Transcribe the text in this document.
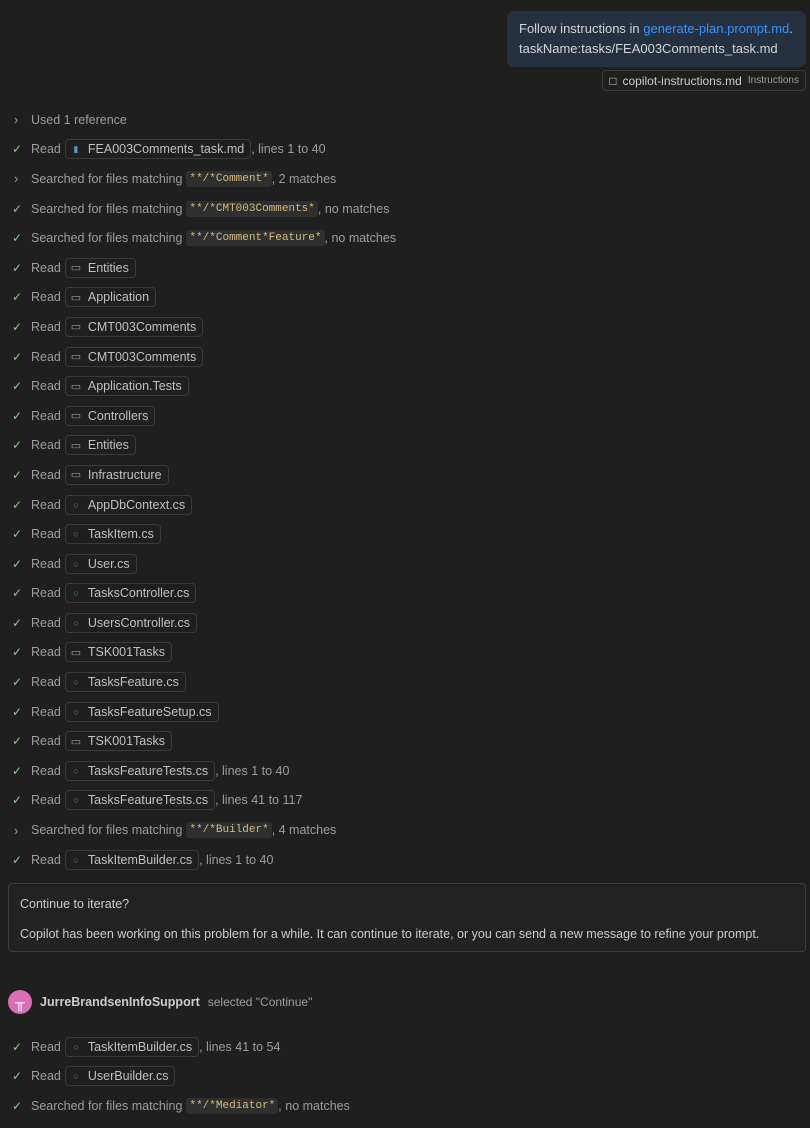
Follow instructions in generate-plan.prompt.md.
taskName:tasks/FEA003Comments_task.md
□ copilot-instructions.md Instructions
›	Used 1 reference
✓ Read	▮ FEA003Comments_task.md , lines 1 to 40
›	Searched for files matching **/*Comment* , 2 matches
✓ Searched for files matching **/*CMT003Comments* , no matches
✓ Searched for files matching **/*Comment*Feature* , no matches
✓ Read ▭ Entities
✓ Read ▭ Application
✓ Read ▭ CMT003Comments
✓ Read ▭ CMT003Comments
✓ Read ▭ Application.Tests
✓ Read ▭ Controllers
✓ Read ▭ Entities
✓ Read ▭ Infrastructure
✓ Read	○ AppDbContext.cs
✓ Read	○ TaskItem.cs
✓ Read	○ User.cs
✓ Read	○ TasksController.cs
✓ Read	○ UsersController.cs
✓ Read ▭ TSK001Tasks
✓ Read	○ TasksFeature.cs
✓ Read	○ TasksFeatureSetup.cs
✓ Read ▭ TSK001Tasks
✓ Read	○ TasksFeatureTests.cs , lines 1 to 40
✓ Read	○ TasksFeatureTests.cs , lines 41 to 117
›	Searched for files matching **/*Builder* , 4 matches
✓ Read	○ TaskItemBuilder.cs , lines 1 to 40

Continue to iterate?

Copilot has been working on this problem for a while. It can continue to iterate, or you can send a new message to refine your prompt.

╥	JurreBrandsenInfoSupport selected "Continue"
✓ Read	○ TaskItemBuilder.cs , lines 41 to 54
✓ Read	○ UserBuilder.cs
✓ Searched for files matching **/*Mediator* , no matches
